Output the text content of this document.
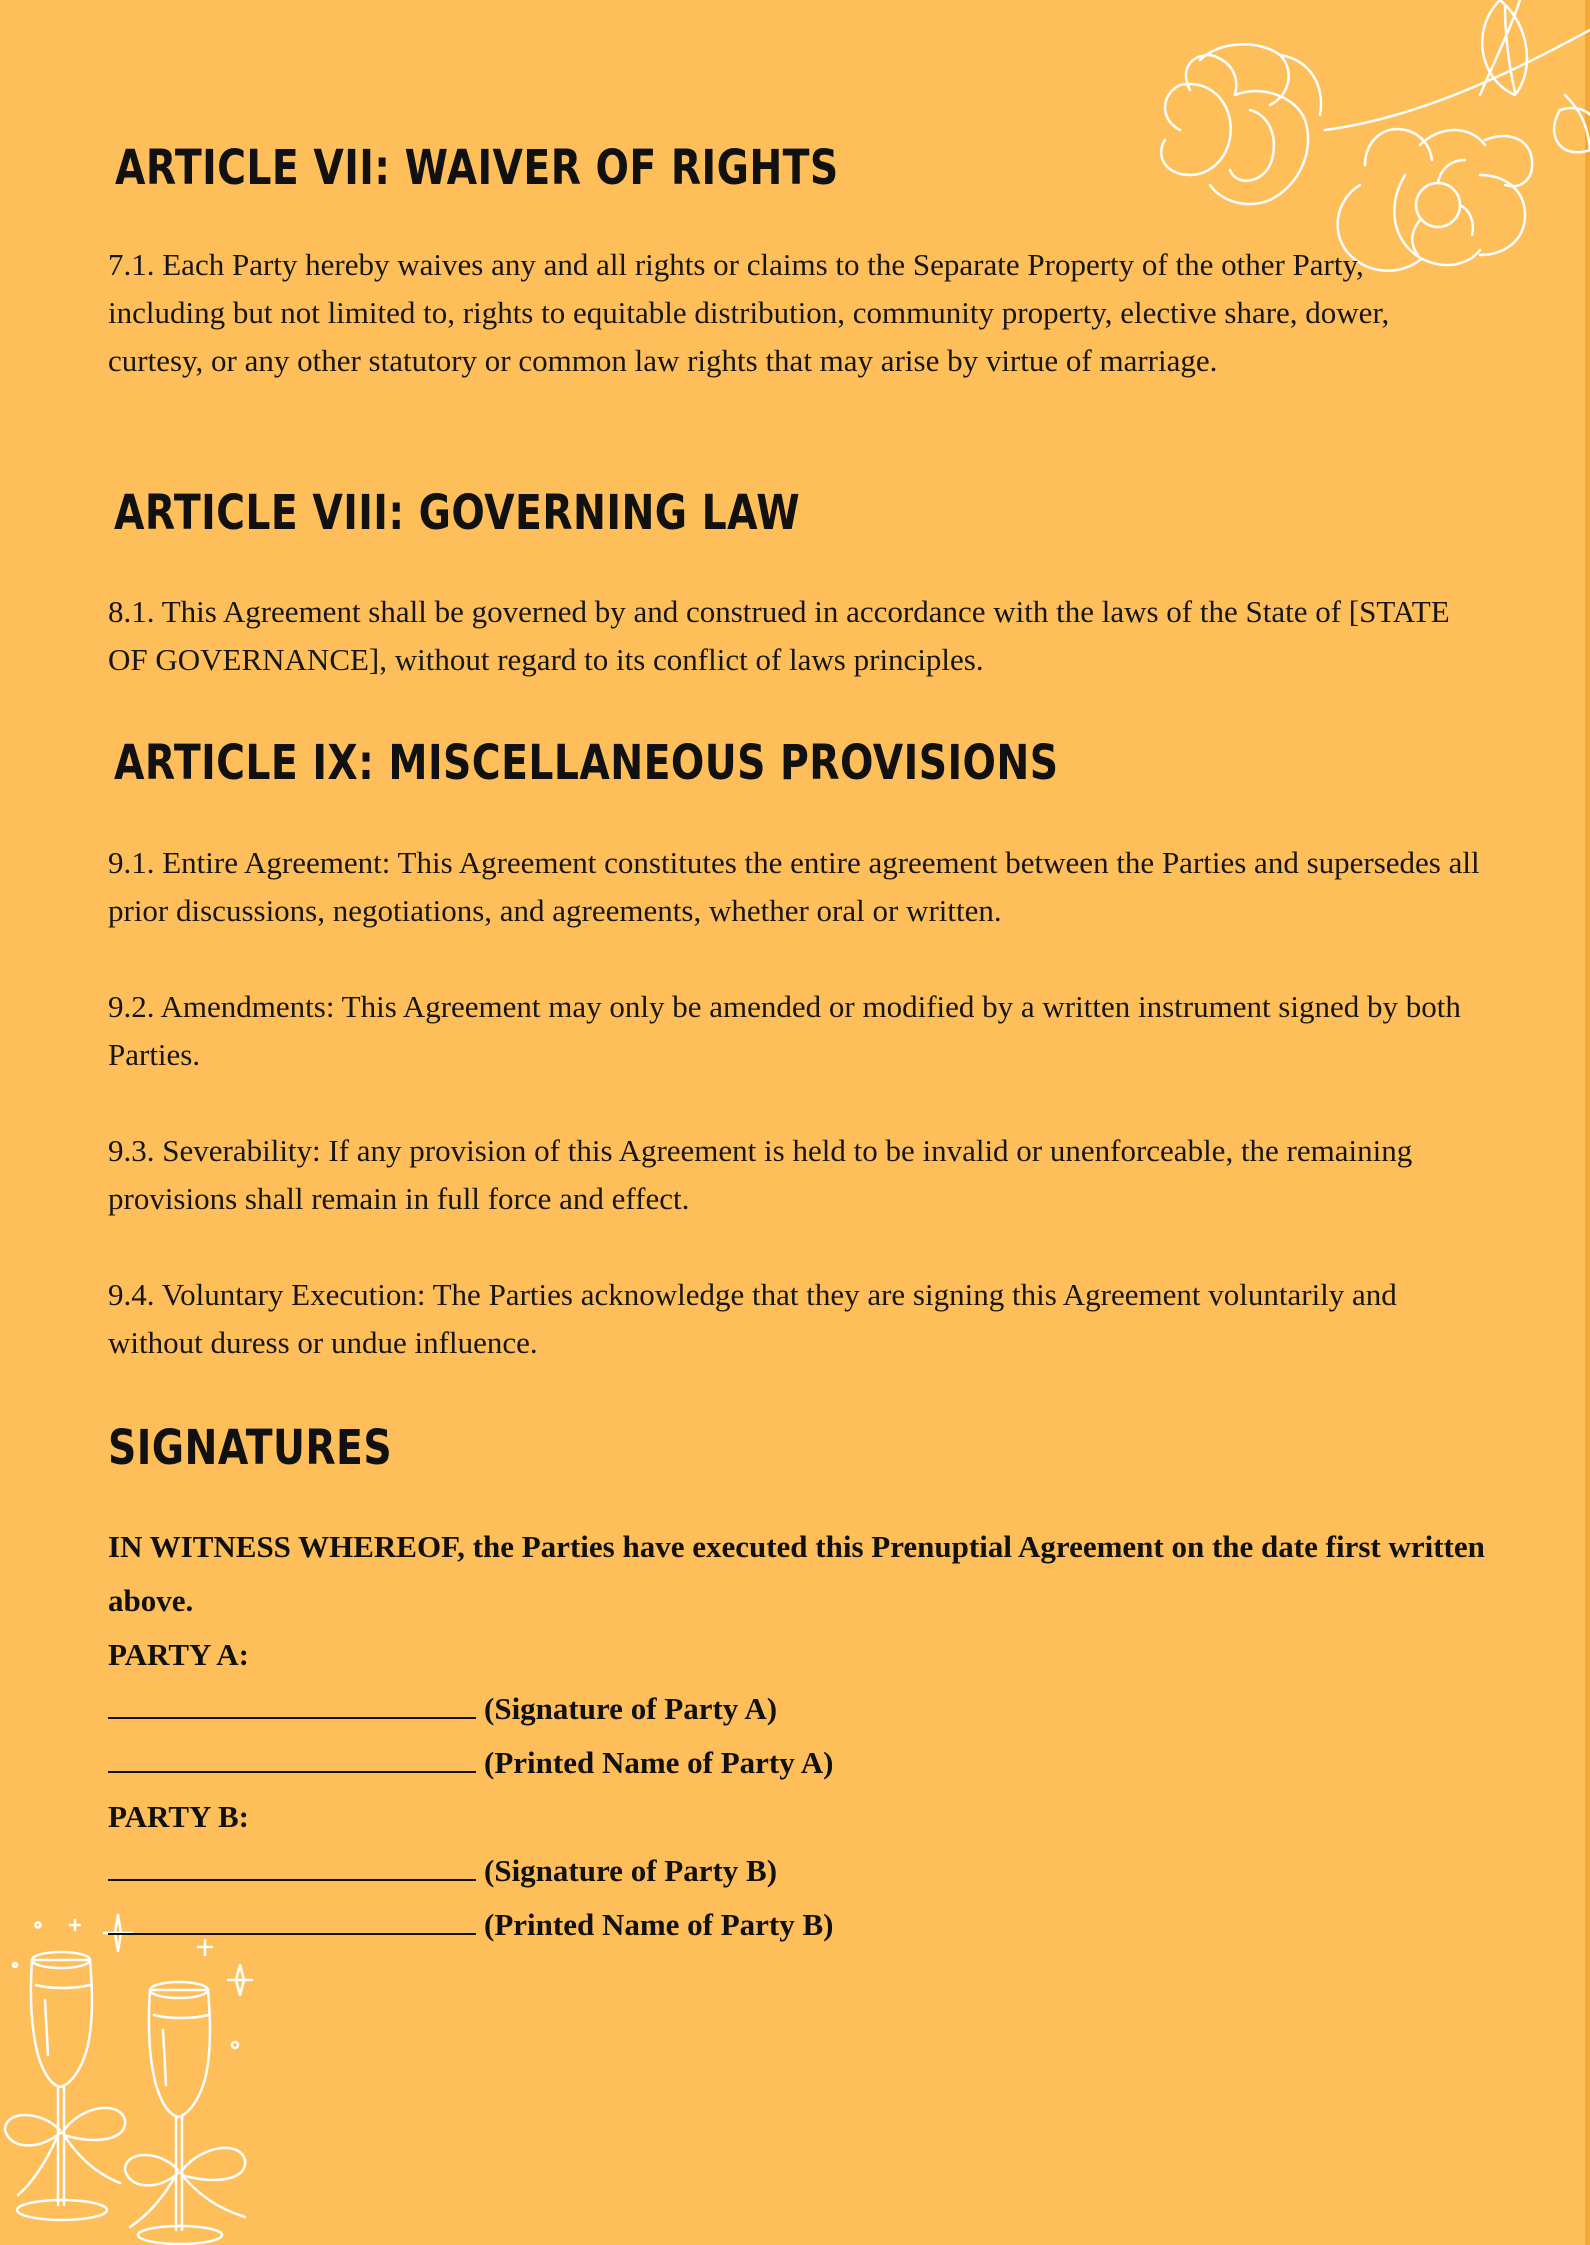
ARTICLE VII: WAIVER OF RIGHTS

7.1. Each Party hereby waives any and all rights or claims to the Separate Property of the other Party, including but not limited to, rights to equitable distribution, community property, elective share, dower, curtesy, or any other statutory or common law rights that may arise by virtue of marriage.

ARTICLE VIII: GOVERNING LAW

8.1. This Agreement shall be governed by and construed in accordance with the laws of the State of [STATE OF GOVERNANCE], without regard to its conflict of laws principles.

ARTICLE IX: MISCELLANEOUS PROVISIONS

9.1. Entire Agreement: This Agreement constitutes the entire agreement between the Parties and supersedes all prior discussions, negotiations, and agreements, whether oral or written.

9.2. Amendments: This Agreement may only be amended or modified by a written instrument signed by both Parties.

9.3. Severability: If any provision of this Agreement is held to be invalid or unenforceable, the remaining provisions shall remain in full force and effect.

9.4. Voluntary Execution: The Parties acknowledge that they are signing this Agreement voluntarily and without duress or undue influence.

SIGNATURES

IN WITNESS WHEREOF, the Parties have executed this Prenuptial Agreement on the date first written above.

PARTY A:
(Signature of Party A)
(Printed Name of Party A)
PARTY B:
(Signature of Party B)
(Printed Name of Party B)
